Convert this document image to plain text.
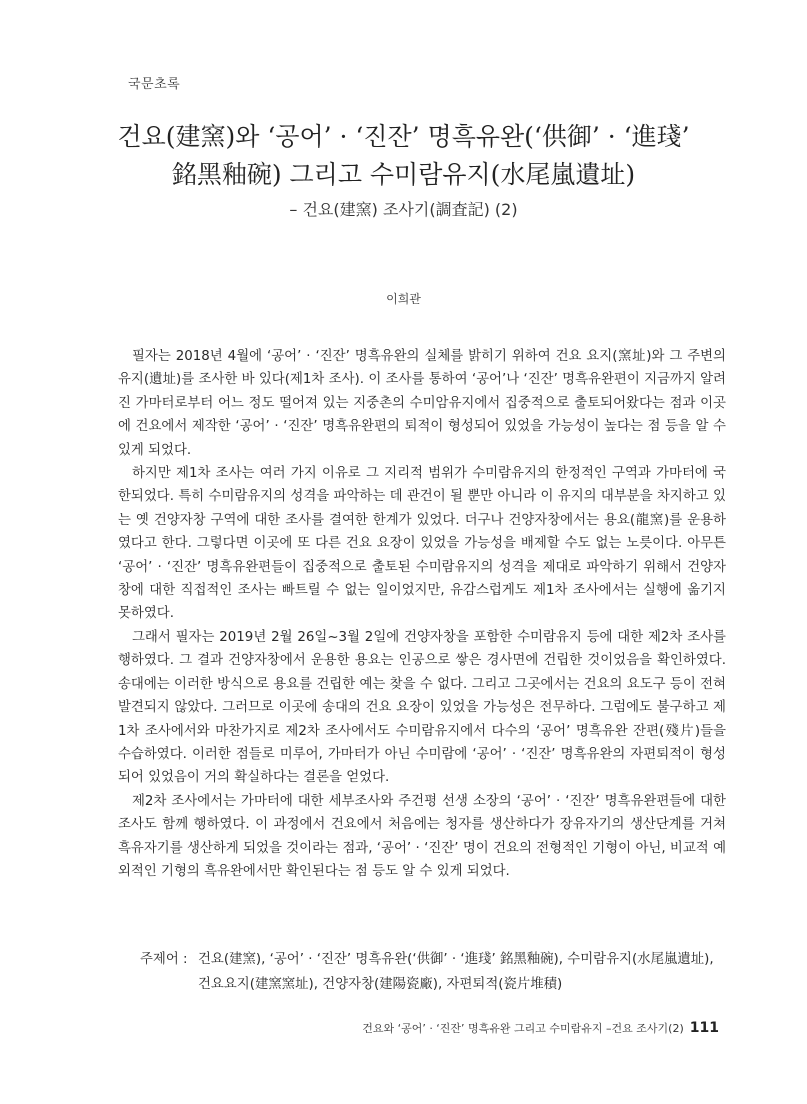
국문초록
건요(建窯)와 ‘공어’ · ‘진잔’ 명흑유완(‘供御’ · ‘進琖’
銘黑釉碗) 그리고 수미람유지(水尾嵐遺址)
– 건요(建窯) 조사기(調査記) (2)
이희관

필자는 2018년 4월에 ‘공어’ · ‘진잔’ 명흑유완의 실체를 밝히기 위하여 건요 요지(窯址)와 그 주변의 유지(遺址)를 조사한 바 있다(제1차 조사). 이 조사를 통하여 ‘공어’나 ‘진잔’ 명흑유완편이 지금까지 알려진 가마터로부터 어느 정도 떨어져 있는 지중촌의 수미암유지에서 집중적으로 출토되어왔다는 점과 이곳에 건요에서 제작한 ‘공어’ · ‘진잔’ 명흑유완편의 퇴적이 형성되어 있었을 가능성이 높다는 점 등을 알 수 있게 되었다.

하지만 제1차 조사는 여러 가지 이유로 그 지리적 범위가 수미람유지의 한정적인 구역과 가마터에 국한되었다. 특히 수미람유지의 성격을 파악하는 데 관건이 될 뿐만 아니라 이 유지의 대부분을 차지하고 있는 옛 건양자창 구역에 대한 조사를 결여한 한계가 있었다. 더구나 건양자창에서는 용요(龍窯)를 운용하였다고 한다. 그렇다면 이곳에 또 다른 건요 요장이 있었을 가능성을 배제할 수도 없는 노릇이다. 아무튼 ‘공어’ · ‘진잔’ 명흑유완편들이 집중적으로 출토된 수미람유지의 성격을 제대로 파악하기 위해서 건양자창에 대한 직접적인 조사는 빠트릴 수 없는 일이었지만, 유감스럽게도 제1차 조사에서는 실행에 옮기지 못하였다.

그래서 필자는 2019년 2월 26일~3월 2일에 건양자창을 포함한 수미람유지 등에 대한 제2차 조사를 행하였다. 그 결과 건양자창에서 운용한 용요는 인공으로 쌓은 경사면에 건립한 것이었음을 확인하였다. 송대에는 이러한 방식으로 용요를 건립한 예는 찾을 수 없다. 그리고 그곳에서는 건요의 요도구 등이 전혀 발견되지 않았다. 그러므로 이곳에 송대의 건요 요장이 있었을 가능성은 전무하다. 그럼에도 불구하고 제1차 조사에서와 마찬가지로 제2차 조사에서도 수미람유지에서 다수의 ‘공어’ 명흑유완 잔편(殘片)들을 수습하였다. 이러한 점들로 미루어, 가마터가 아닌 수미람에 ‘공어’ · ‘진잔’ 명흑유완의 자편퇴적이 형성되어 있었음이 거의 확실하다는 결론을 얻었다.

제2차 조사에서는 가마터에 대한 세부조사와 주건평 선생 소장의 ‘공어’ · ‘진잔’ 명흑유완편들에 대한 조사도 함께 행하였다. 이 과정에서 건요에서 처음에는 청자를 생산하다가 장유자기의 생산단계를 거쳐 흑유자기를 생산하게 되었을 것이라는 점과, ‘공어’ · ‘진잔’ 명이 건요의 전형적인 기형이 아닌, 비교적 예외적인 기형의 흑유완에서만 확인된다는 점 등도 알 수 있게 되었다.

주제어 : 건요(建窯), ‘공어’ · ‘진잔’ 명흑유완(‘供御’ · ‘進琖’ 銘黑釉碗), 수미람유지(水尾嵐遺址),
건요요지(建窯窯址), 건양자창(建陽瓷廠), 자편퇴적(瓷片堆積)
건요와 ‘공어’ · ‘진잔’ 명흑유완 그리고 수미람유지 –건요 조사기(2) 111
